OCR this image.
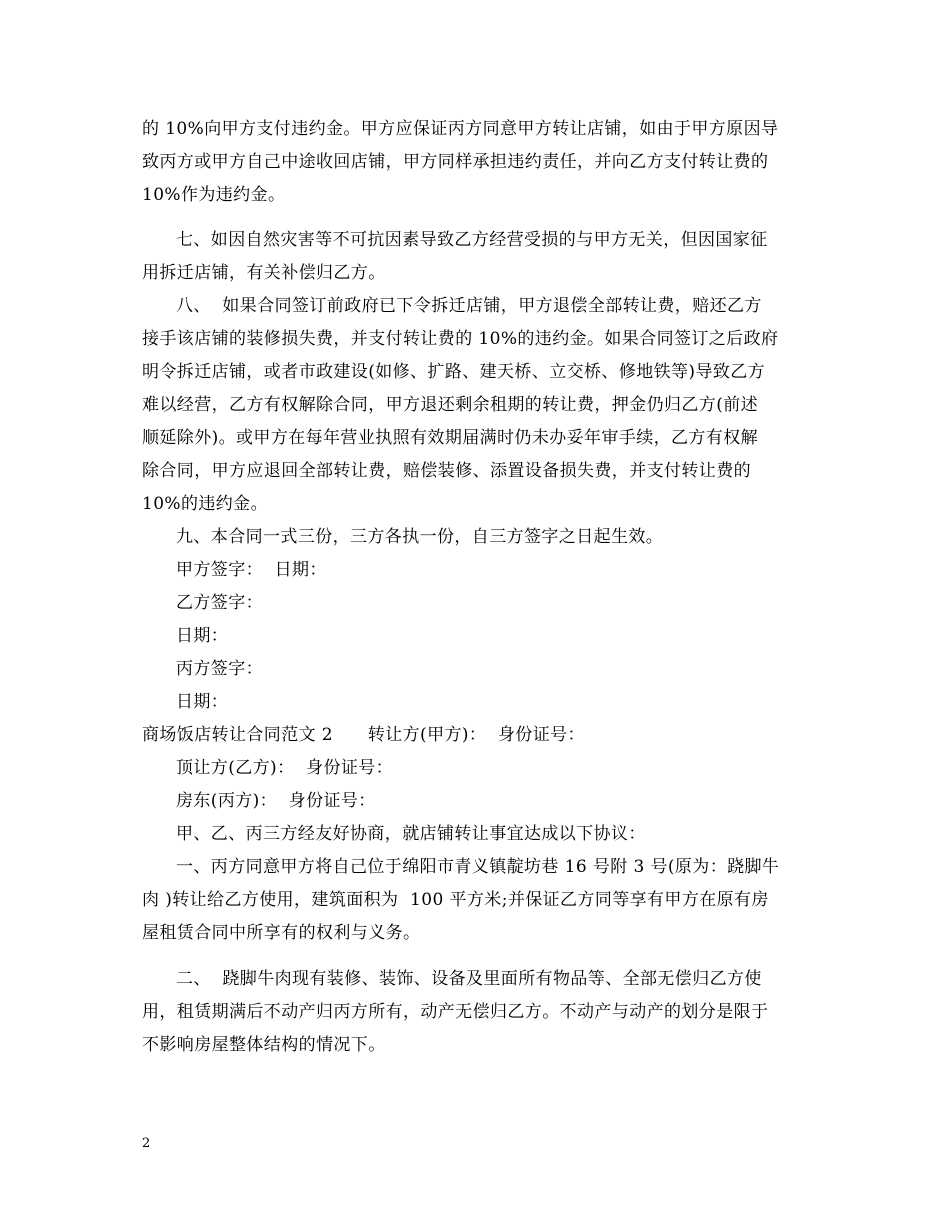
的 10%向甲方支付违约金。甲方应保证丙方同意甲方转让店铺，如由于甲方原因导
致丙方或甲方自己中途收回店铺，甲方同样承担违约责任，并向乙方支付转让费的
10%作为违约金。
七、如因自然灾害等不可抗因素导致乙方经营受损的与甲方无关，但因国家征
用拆迁店铺，有关补偿归乙方。
八、  如果合同签订前政府已下令拆迁店铺，甲方退偿全部转让费，赔还乙方
接手该店铺的装修损失费，并支付转让费的 10%的违约金。如果合同签订之后政府
明令拆迁店铺，或者市政建设(如修、扩路、建天桥、立交桥、修地铁等)导致乙方
难以经营，乙方有权解除合同，甲方退还剩余租期的转让费，押金仍归乙方(前述
顺延除外)。或甲方在每年营业执照有效期届满时仍未办妥年审手续，乙方有权解
除合同，甲方应退回全部转让费，赔偿装修、添置设备损失费，并支付转让费的
10%的违约金。
九、本合同一式三份，三方各执一份，自三方签字之日起生效。
甲方签字：  日期：
乙方签字：
日期：
丙方签字：
日期：
商场饭店转让合同范文 2      转让方(甲方)：  身份证号：
顶让方(乙方)：  身份证号：
房东(丙方)：  身份证号：
甲、乙、丙三方经友好协商，就店铺转让事宜达成以下协议：
一、丙方同意甲方将自己位于绵阳市青义镇靛坊巷 16 号附 3 号(原为：跷脚牛
肉 )转让给乙方使用，建筑面积为  100 平方米;并保证乙方同等享有甲方在原有房
屋租赁合同中所享有的权利与义务。
二、  跷脚牛肉现有装修、装饰、设备及里面所有物品等、全部无偿归乙方使
用，租赁期满后不动产归丙方所有，动产无偿归乙方。不动产与动产的划分是限于
不影响房屋整体结构的情况下。
2
